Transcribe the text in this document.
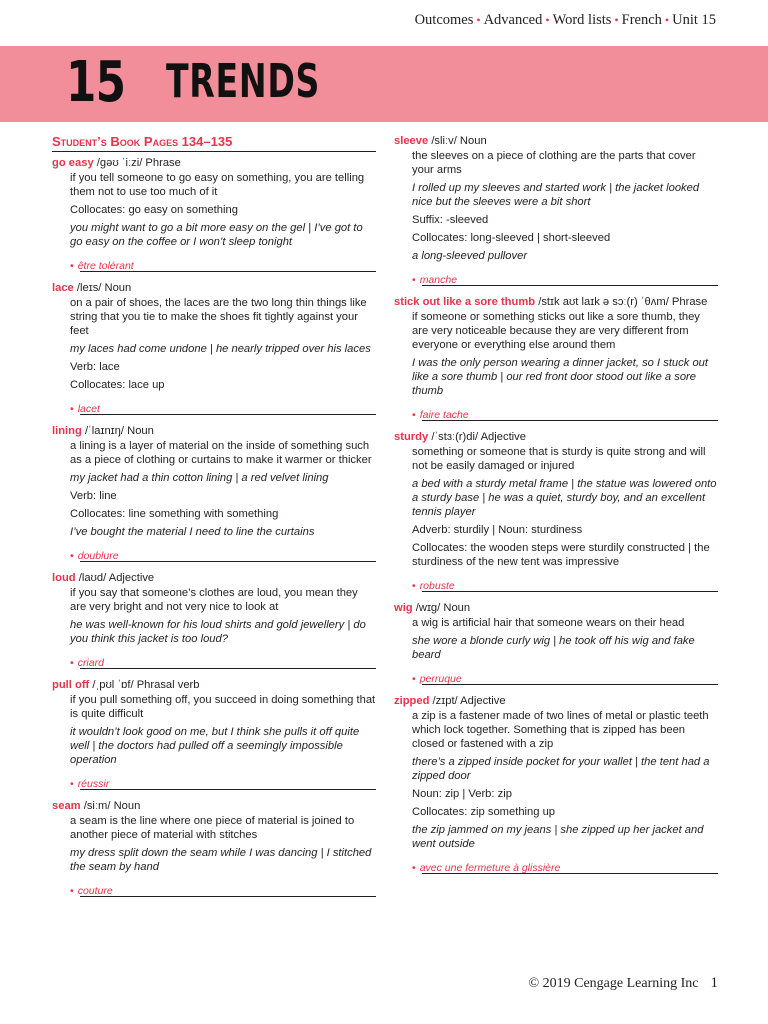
Outcomes • Advanced • Word lists • French • Unit 15
15 TRENDS
Student’s Book Pages 134–135
go easy /ɡəʊ ˈiːzi/ Phrase

if you tell someone to go easy on something, you are telling them not to use too much of it

Collocates: go easy on something

you might want to go a bit more easy on the gel | I’ve got to go easy on the coffee or I won’t sleep tonight

• être tolérant
lace /leɪs/ Noun

on a pair of shoes, the laces are the two long thin things like string that you tie to make the shoes fit tightly against your feet

my laces had come undone | he nearly tripped over his laces

Verb: lace

Collocates: lace up

• lacet
lining /ˈlaɪnɪŋ/ Noun

a lining is a layer of material on the inside of something such as a piece of clothing or curtains to make it warmer or thicker

my jacket had a thin cotton lining | a red velvet lining

Verb: line

Collocates: line something with something

I’ve bought the material I need to line the curtains

• doublure
loud /laʊd/ Adjective

if you say that someone’s clothes are loud, you mean they are very bright and not very nice to look at

he was well-known for his loud shirts and gold jewellery | do you think this jacket is too loud?

• criard
pull off /ˌpʊl ˈɒf/ Phrasal verb

if you pull something off, you succeed in doing something that is quite difficult

it wouldn’t look good on me, but I think she pulls it off quite well | the doctors had pulled off a seemingly impossible operation

• réussir
seam /siːm/ Noun

a seam is the line where one piece of material is joined to another piece of material with stitches

my dress split down the seam while I was dancing | I stitched the seam by hand

• couture
sleeve /sliːv/ Noun

the sleeves on a piece of clothing are the parts that cover your arms

I rolled up my sleeves and started work | the jacket looked nice but the sleeves were a bit short

Suffix: -sleeved

Collocates: long-sleeved | short-sleeved

a long-sleeved pullover

• manche
stick out like a sore thumb /stɪk aʊt laɪk ə sɔː(r) ˈθʌm/ Phrase

if someone or something sticks out like a sore thumb, they are very noticeable because they are very different from everyone or everything else around them

I was the only person wearing a dinner jacket, so I stuck out like a sore thumb | our red front door stood out like a sore thumb

• faire tache
sturdy /ˈstɜː(r)di/ Adjective

something or someone that is sturdy is quite strong and will not be easily damaged or injured

a bed with a sturdy metal frame | the statue was lowered onto a sturdy base | he was a quiet, sturdy boy, and an excellent tennis player

Adverb: sturdily | Noun: sturdiness

Collocates: the wooden steps were sturdily constructed | the sturdiness of the new tent was impressive

• robuste
wig /wɪɡ/ Noun

a wig is artificial hair that someone wears on their head

she wore a blonde curly wig | he took off his wig and fake beard

• perruque
zipped /zɪpt/ Adjective

a zip is a fastener made of two lines of metal or plastic teeth which lock together. Something that is zipped has been closed or fastened with a zip

there’s a zipped inside pocket for your wallet | the tent had a zipped door

Noun: zip | Verb: zip

Collocates: zip something up

the zip jammed on my jeans | she zipped up her jacket and went outside

• avec une fermeture à glissière
© 2019 Cengage Learning Inc 1
